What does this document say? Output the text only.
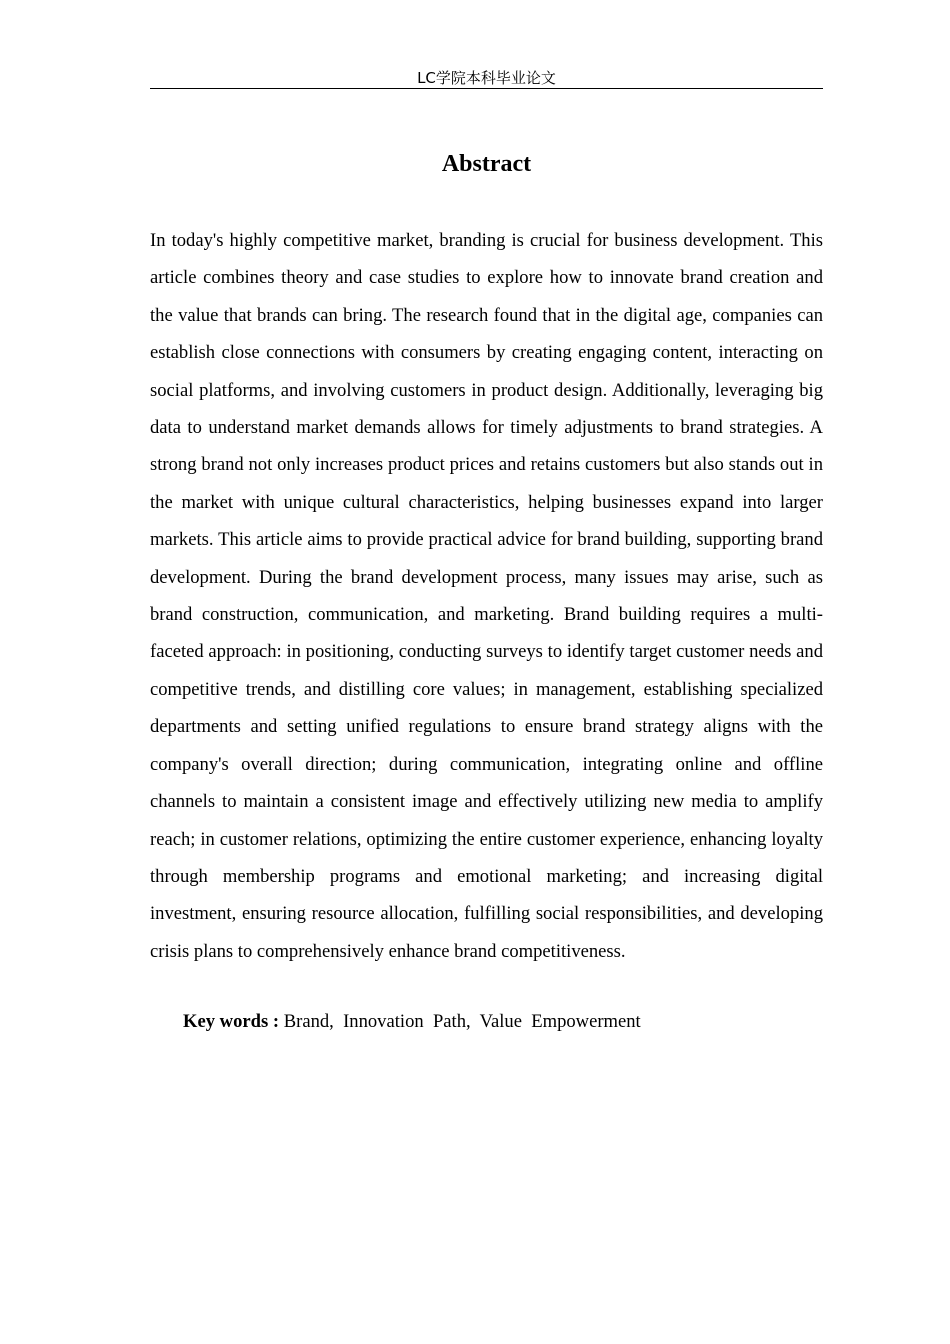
LC学院本科毕业论文
Abstract

In today's highly competitive market, branding is crucial for business development. This article combines theory and case studies to explore how to innovate brand creation and the value that brands can bring. The research found that in the digital age, companies can establish close connections with consumers by creating engaging content, interacting on social platforms, and involving customers in product design. Additionally, leveraging big data to understand market demands allows for timely adjustments to brand strategies. A strong brand not only increases product prices and retains customers but also stands out in the market with unique cultural characteristics, helping businesses expand into larger markets. This article aims to provide practical advice for brand building, supporting brand development. During the brand development process, many issues may arise, such as brand construction, communication, and marketing. Brand building requires a multi-faceted approach: in positioning, conducting surveys to identify target customer needs and competitive trends, and distilling core values; in management, establishing specialized departments and setting unified regulations to ensure brand strategy aligns with the company's overall direction; during communication, integrating online and offline channels to maintain a consistent image and effectively utilizing new media to amplify reach; in customer relations, optimizing the entire customer experience, enhancing loyalty through membership programs and emotional marketing; and increasing digital investment, ensuring resource allocation, fulfilling social responsibilities, and developing crisis plans to comprehensively enhance brand competitiveness.

Key words : Brand,  Innovation  Path,  Value  Empowerment
